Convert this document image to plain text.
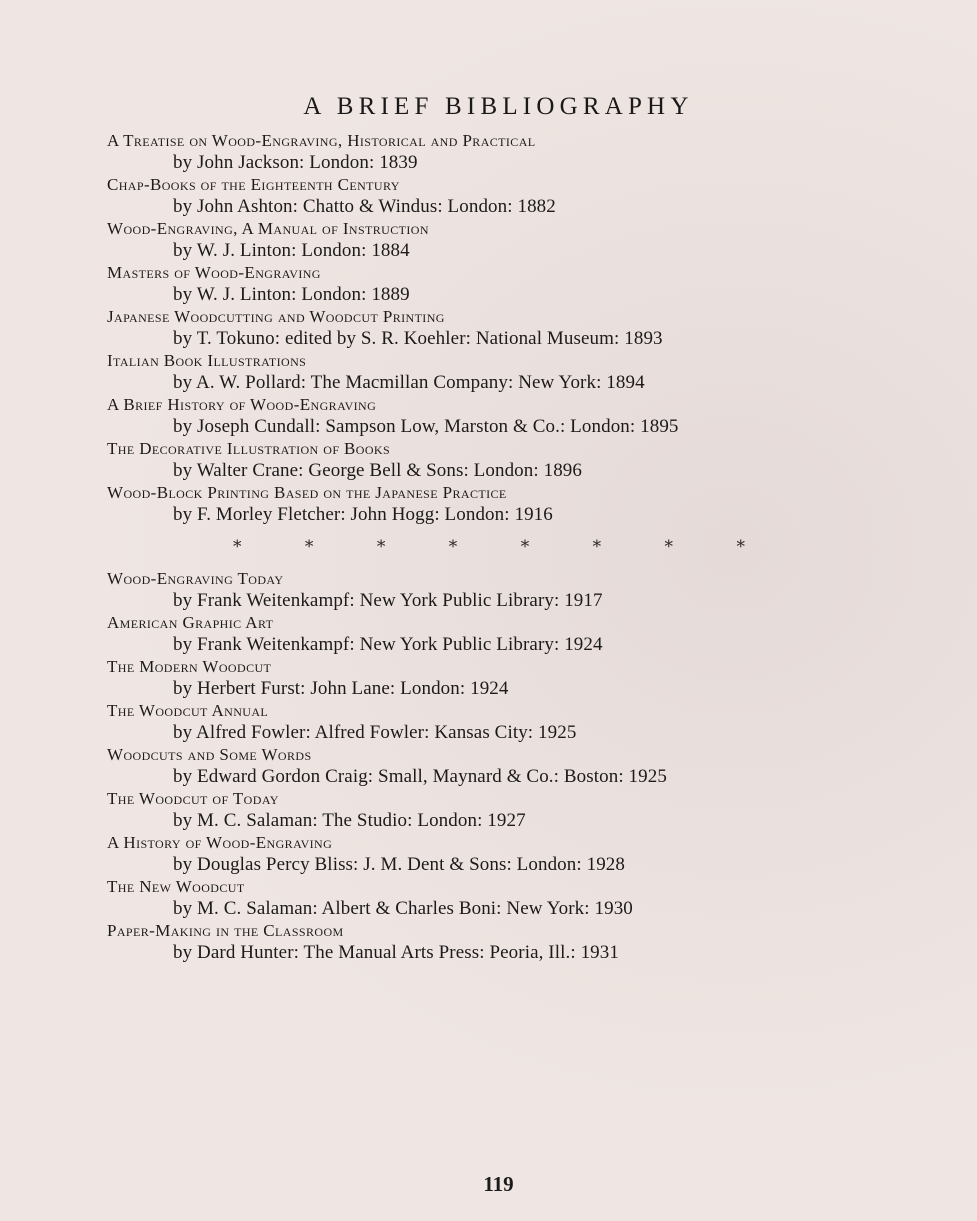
A BRIEF BIBLIOGRAPHY
A Treatise on Wood-Engraving, Historical and Practical
by John Jackson: London: 1839
Chap-Books of the Eighteenth Century
by John Ashton: Chatto & Windus: London: 1882
Wood-Engraving, A Manual of Instruction
by W. J. Linton: London: 1884
Masters of Wood-Engraving
by W. J. Linton: London: 1889
Japanese Woodcutting and Woodcut Printing
by T. Tokuno: edited by S. R. Koehler: National Museum: 1893
Italian Book Illustrations
by A. W. Pollard: The Macmillan Company: New York: 1894
A Brief History of Wood-Engraving
by Joseph Cundall: Sampson Low, Marston & Co.: London: 1895
The Decorative Illustration of Books
by Walter Crane: George Bell & Sons: London: 1896
Wood-Block Printing Based on the Japanese Practice
by F. Morley Fletcher: John Hogg: London: 1916
*	*	*	*	*	*	*	*
Wood-Engraving Today
by Frank Weitenkampf: New York Public Library: 1917
American Graphic Art
by Frank Weitenkampf: New York Public Library: 1924
The Modern Woodcut
by Herbert Furst: John Lane: London: 1924
The Woodcut Annual
by Alfred Fowler: Alfred Fowler: Kansas City: 1925
Woodcuts and Some Words
by Edward Gordon Craig: Small, Maynard & Co.: Boston: 1925
The Woodcut of Today
by M. C. Salaman: The Studio: London: 1927
A History of Wood-Engraving
by Douglas Percy Bliss: J. M. Dent & Sons: London: 1928
The New Woodcut
by M. C. Salaman: Albert & Charles Boni: New York: 1930
Paper-Making in the Classroom
by Dard Hunter: The Manual Arts Press: Peoria, Ill.: 1931
119
